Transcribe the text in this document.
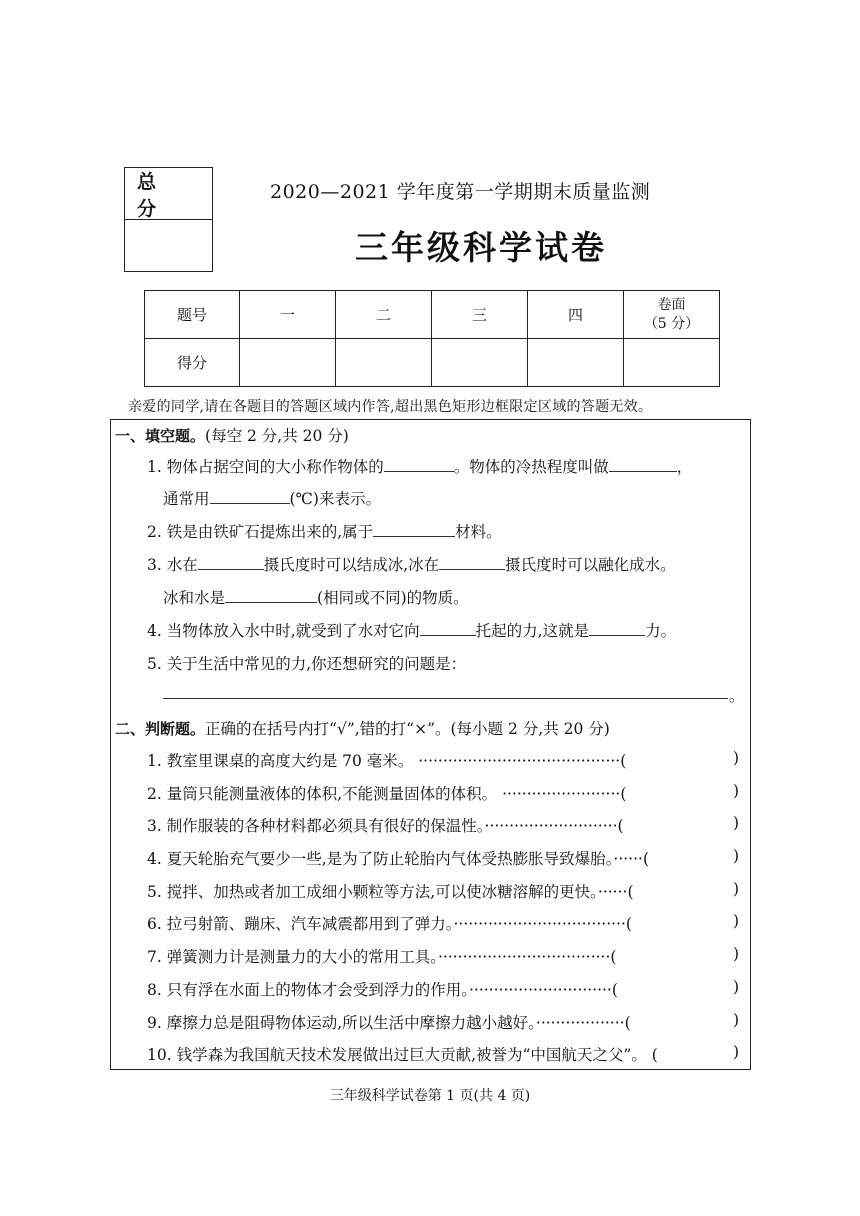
总 分
2020—2021 学年度第一学期期末质量监测
三年级科学试卷
题号	一	二	三	四	卷面
（5 分）

得分					
亲爱的同学,请在各题目的答题区域内作答,超出黑色矩形边框限定区域的答题无效。
一、填空题。(每空 2 分,共 20 分)
1. 物体占据空间的大小称作物体的	。物体的冷热程度叫做	，
通常用	(℃)来表示。
2. 铁是由铁矿石提炼出来的,属于	材料。
3. 水在	摄氏度时可以结成冰,冰在	摄氏度时可以融化成水。
冰和水是	(相同或不同)的物质。
4. 当物体放入水中时,就受到了水对它向	托起的力,这就是	力。
5. 关于生活中常见的力,你还想研究的问题是：
。
二、判断题。正确的在括号内打“√”,错的打“×”。(每小题 2 分,共 20 分)
1. 教室里课桌的高度大约是 70 毫米。 ·········································(	)
2. 量筒只能测量液体的体积,不能测量固体的体积。 ························(	)
3. 制作服装的各种材料都必须具有很好的保温性。···························(	)
4. 夏天轮胎充气要少一些,是为了防止轮胎内气体受热膨胀导致爆胎。······(	)
5. 搅拌、加热或者加工成细小颗粒等方法,可以使冰糖溶解的更快。······(	)
6. 拉弓射箭、蹦床、汽车减震都用到了弹力。···································(	)
7. 弹簧测力计是测量力的大小的常用工具。···································(	)
8. 只有浮在水面上的物体才会受到浮力的作用。·····························(	)
9. 摩擦力总是阻碍物体运动,所以生活中摩擦力越小越好。··················(	)
10. 钱学森为我国航天技术发展做出过巨大贡献,被誉为“中国航天之父”。 (	)
三年级科学试卷第 1 页(共 4 页)
